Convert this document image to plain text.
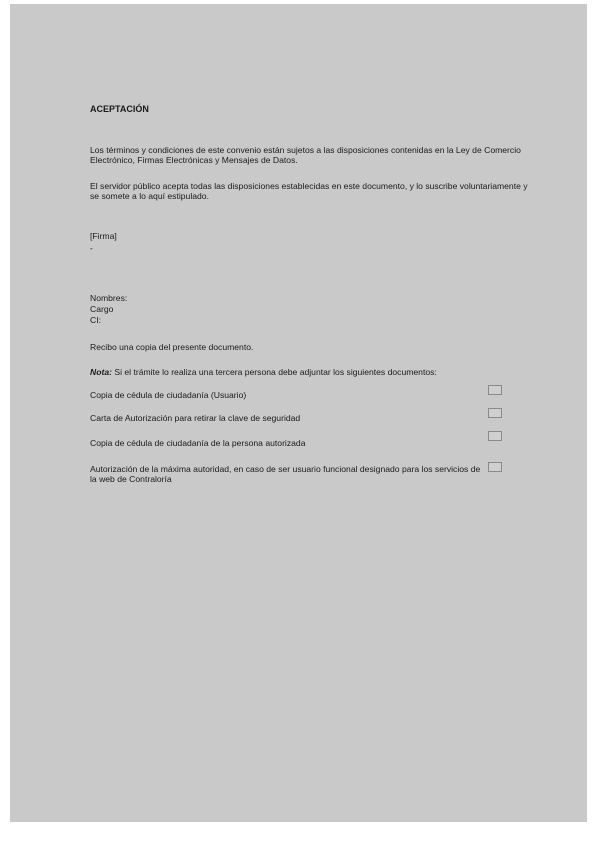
ACEPTACIÓN
Los términos y condiciones de este convenio están sujetos a las disposiciones contenidas en la Ley de Comercio Electrónico, Firmas Electrónicas y Mensajes de Datos.
El servidor público acepta todas las disposiciones establecidas en este documento, y lo suscribe voluntariamente y se somete a lo aquí estipulado.
[Firma]
-
Nombres:
Cargo
CI:
Recibo una copia del presente documento.
Nota: Si el trámite lo realiza una tercera persona debe adjuntar los siguientes documentos:
Copia de cédula de ciudadanía (Usuario)
Carta de Autorización para retirar la clave de seguridad
Copia de cédula de ciudadanía de la persona autorizada
Autorización de la máxima autoridad, en caso de ser usuario funcional designado para los servicios de la web de Contraloría
